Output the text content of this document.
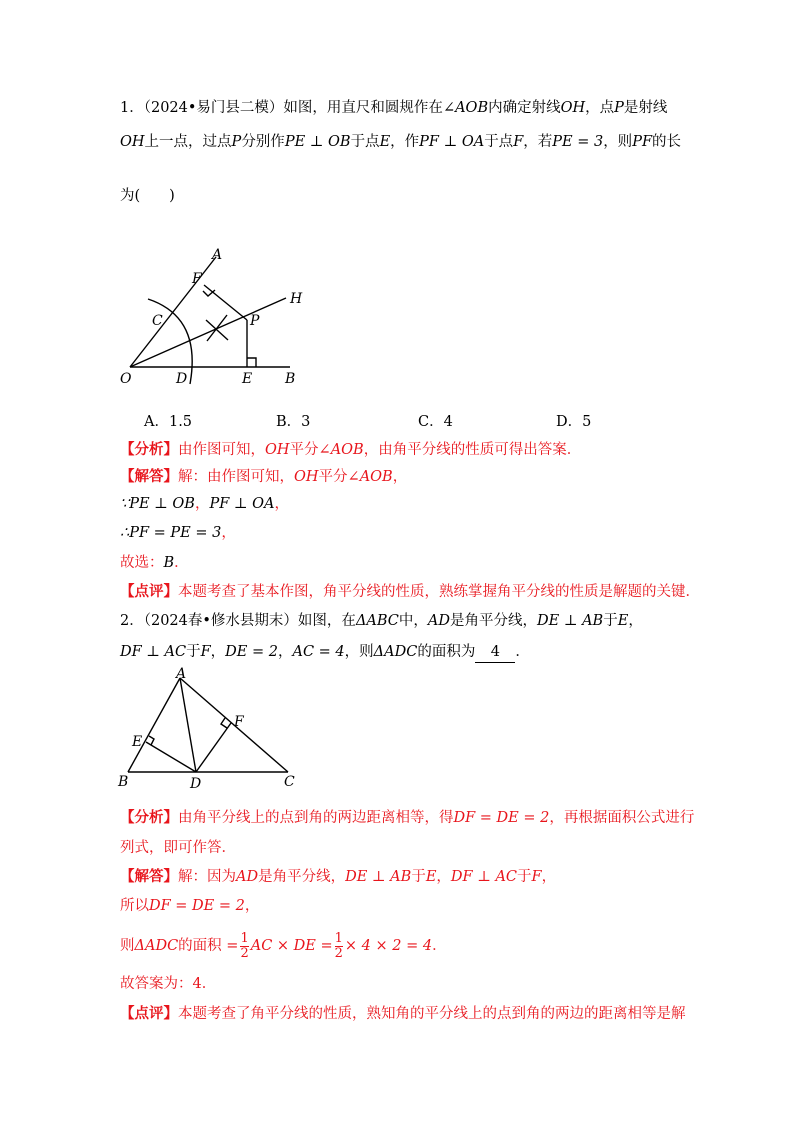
1．（2024•易门县二模）如图，用直尺和圆规作在∠AOB内确定射线OH，点P是射线
OH上一点，过点P分别作PE ⊥ OB于点E，作PF ⊥ OA于点F，若PE = 3，则PF的长
为(　　)
A
F
H
C	P
O	D	E B
A．1.5	B．3	C．4	D．5
【分析】由作图可知，OH平分∠AOB，由角平分线的性质可得出答案．
【解答】解：由作图可知，OH平分∠AOB，
∵PE ⊥ OB，PF ⊥ OA，
∴PF = PE = 3，
故选：B．
【点评】本题考查了基本作图，角平分线的性质，熟练掌握角平分线的性质是解题的关键．
2．（2024春•修水县期末）如图，在ΔABC中，AD是角平分线，DE ⊥ AB于E，
DF ⊥ AC于F，DE = 2，AC = 4，则ΔADC的面积为 4 ．
A
E
F
B	D	C
【分析】由角平分线上的点到角的两边距离相等，得DF = DE = 2，再根据面积公式进行
列式，即可作答．
【解答】解：因为AD是角平分线，DE ⊥ AB于E，DF ⊥ AC于F，
所以DF = DE = 2，
则ΔADC的面积 = $\frac{1}{2}$ AC × DE = $\frac{1}{2} \times 4 \times 2 = 4$．
故答案为：4．
【点评】本题考查了角平分线的性质，熟知角的平分线上的点到角的两边的距离相等是解
